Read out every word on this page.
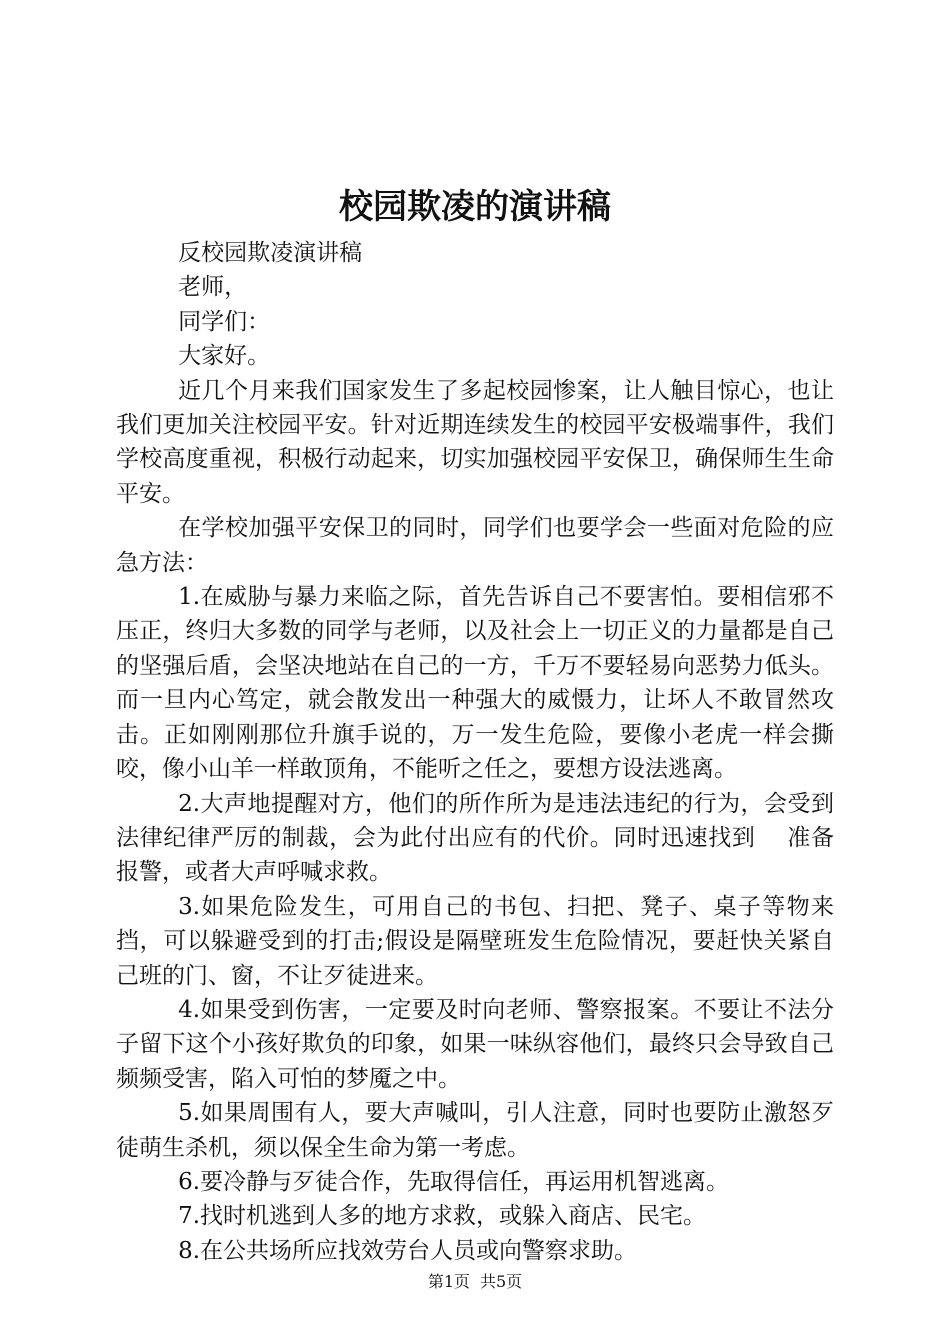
校园欺凌的演讲稿

反校园欺凌演讲稿

老师，

同学们：

大家好。

近几个月来我们国家发生了多起校园惨案，让人触目惊心，也让我们更加关注校园平安。针对近期连续发生的校园平安极端事件，我们学校高度重视，积极行动起来，切实加强校园平安保卫，确保师生生命平安。

在学校加强平安保卫的同时，同学们也要学会一些面对危险的应急方法：

1.在威胁与暴力来临之际，首先告诉自己不要害怕。要相信邪不压正，终归大多数的同学与老师，以及社会上一切正义的力量都是自己的坚强后盾，会坚决地站在自己的一方，千万不要轻易向恶势力低头。而一旦内心笃定，就会散发出一种强大的威慑力，让坏人不敢冒然攻击。正如刚刚那位升旗手说的，万一发生危险，要像小老虎一样会撕咬，像小山羊一样敢顶角，不能听之任之，要想方设法逃离。

2.大声地提醒对方，他们的所作所为是违法违纪的行为，会受到法律纪律严厉的制裁，会为此付出应有的代价。同时迅速找到　 准备报警，或者大声呼喊求救。

3.如果危险发生，可用自己的书包、扫把、凳子、桌子等物来挡，可以躲避受到的打击;假设是隔壁班发生危险情况，要赶快关紧自己班的门、窗，不让歹徒进来。

4.如果受到伤害，一定要及时向老师、警察报案。不要让不法分子留下这个小孩好欺负的印象，如果一味纵容他们，最终只会导致自己频频受害，陷入可怕的梦魇之中。

5.如果周围有人，要大声喊叫，引人注意，同时也要防止激怒歹徒萌生杀机，须以保全生命为第一考虑。

6.要冷静与歹徒合作，先取得信任，再运用机智逃离。

7.找时机逃到人多的地方求救，或躲入商店、民宅。

8.在公共场所应找效劳台人员或向警察求助。

第1页 共5页
